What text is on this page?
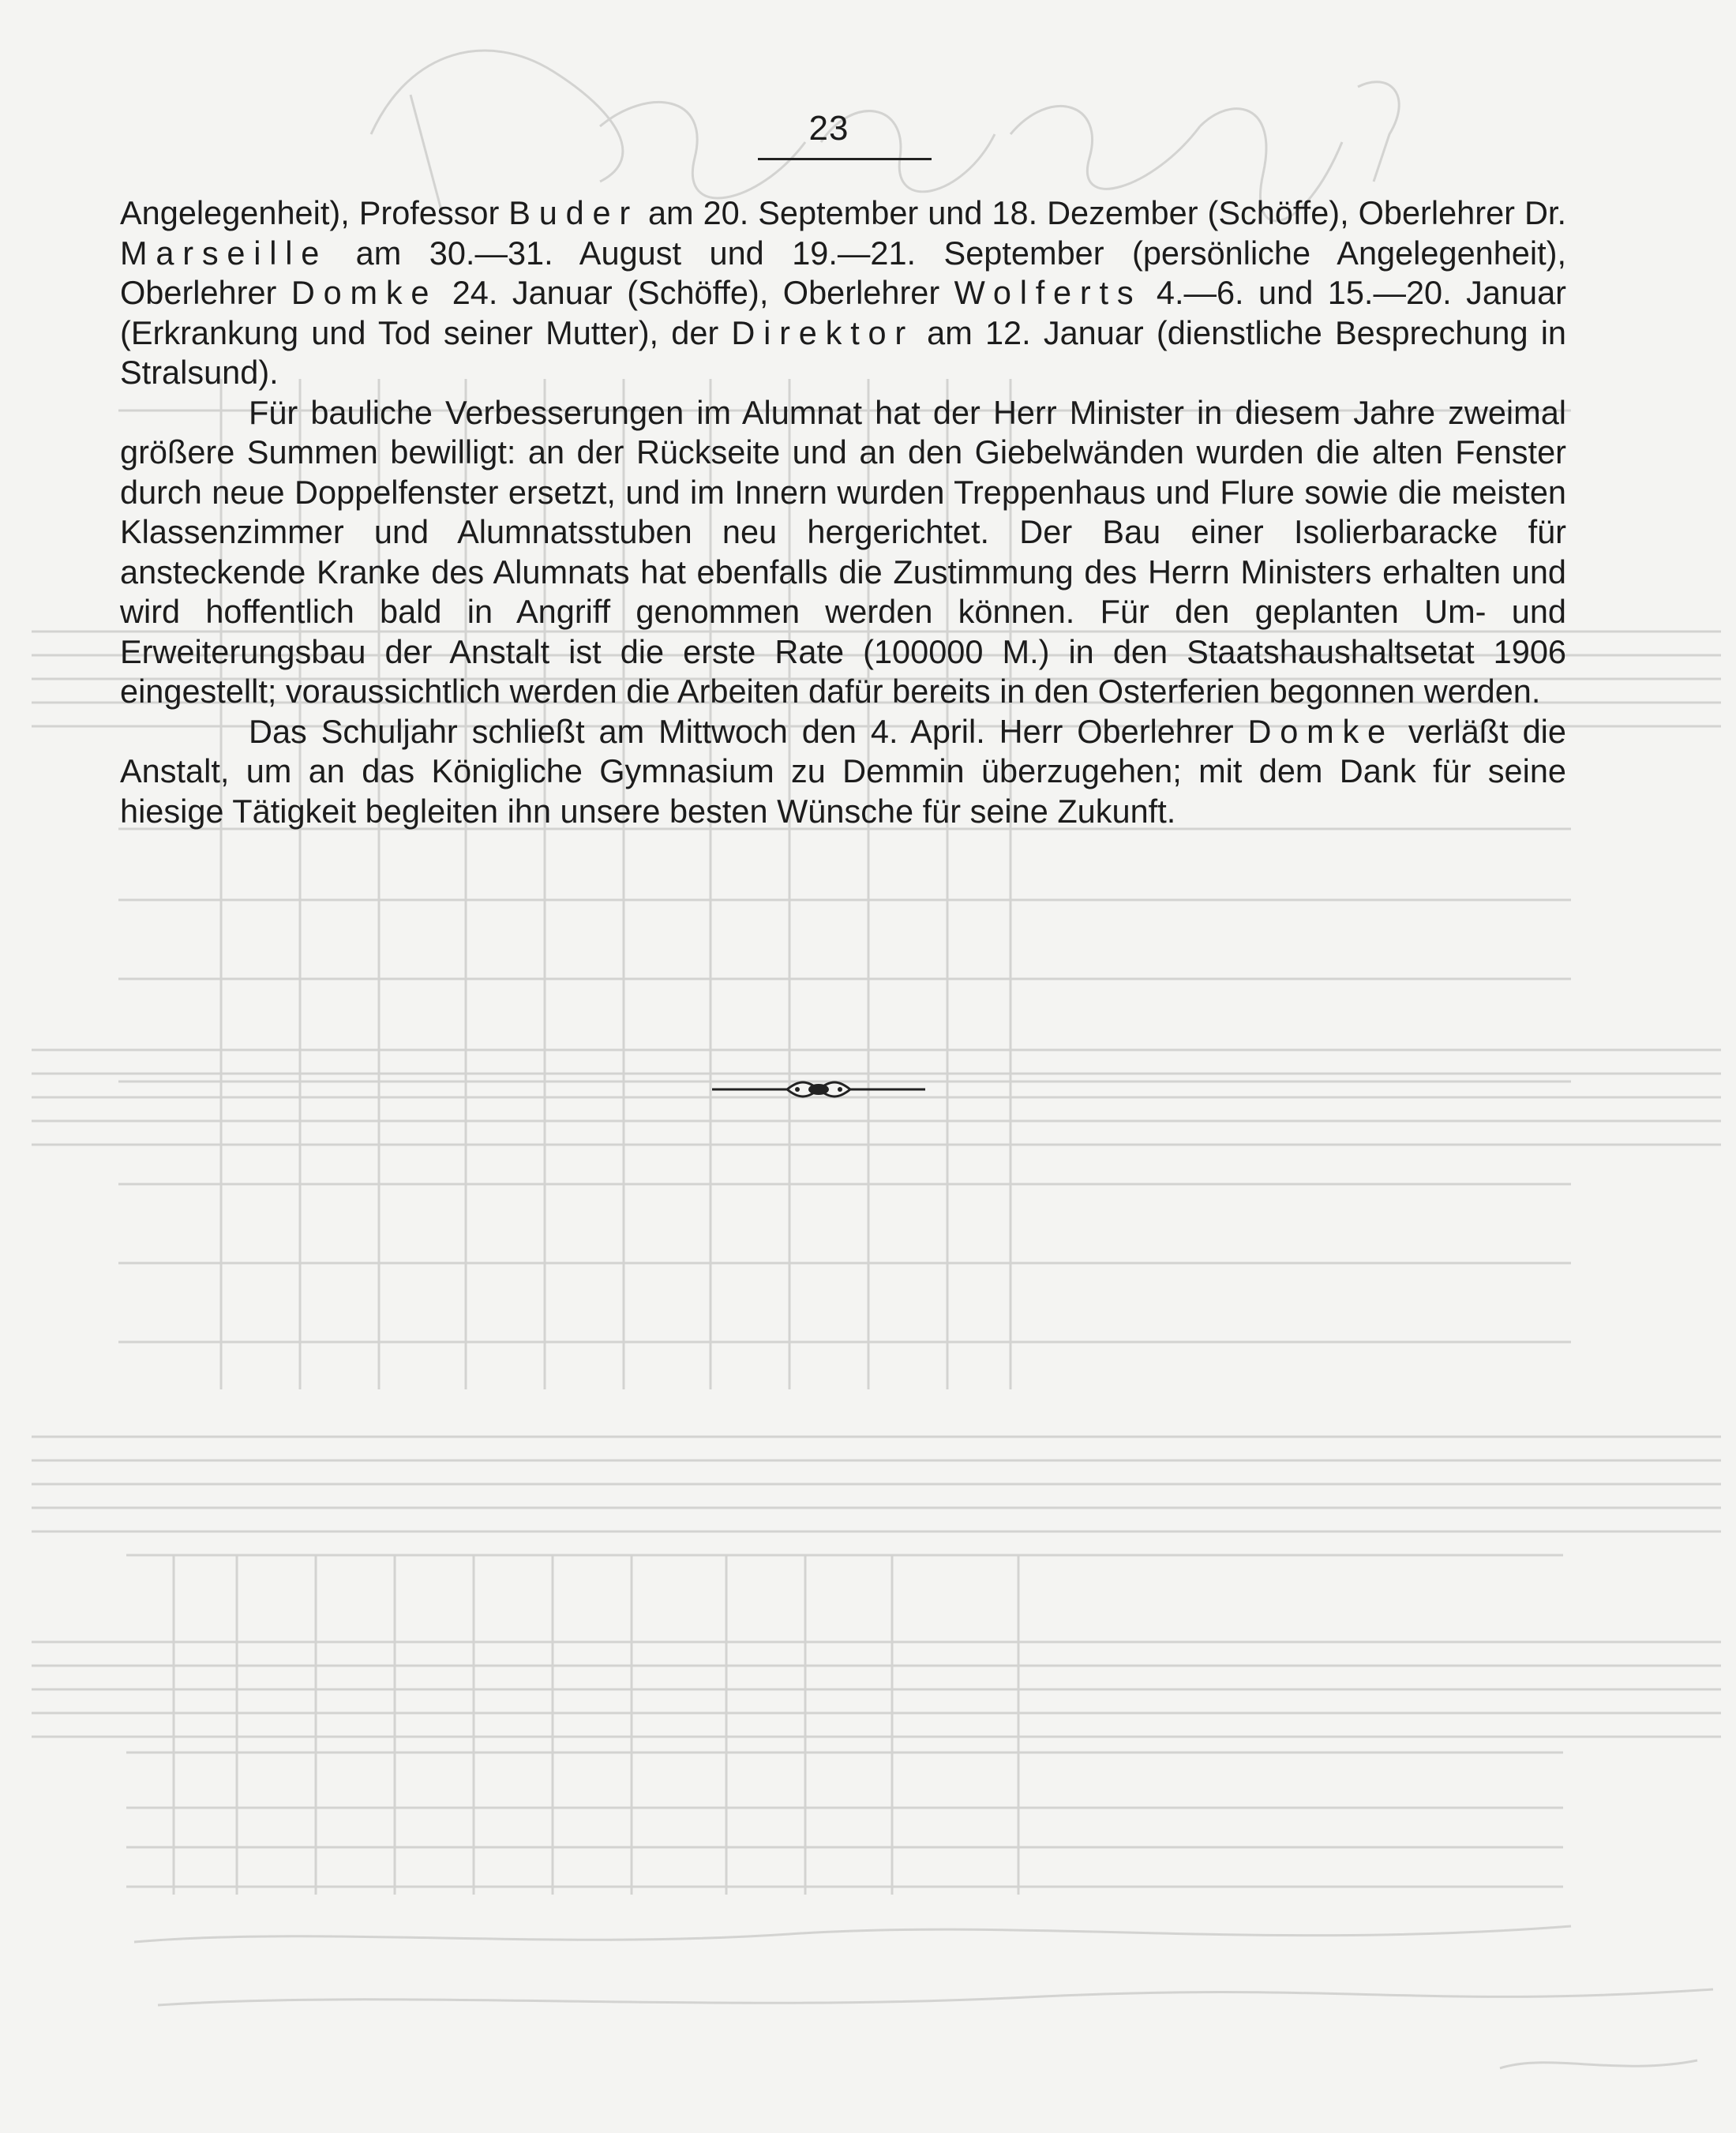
23

Angelegenheit), Professor Buder am 20. September und 18. Dezember (Schöffe), Oberlehrer Dr. Marseille am 30.—31. August und 19.—21. September (persönliche Angelegenheit), Oberlehrer Domke 24. Januar (Schöffe), Oberlehrer Wolferts 4.—6. und 15.—20. Januar (Erkrankung und Tod seiner Mutter), der Direktor am 12. Januar (dienstliche Besprechung in Stralsund).

Für bauliche Verbesserungen im Alumnat hat der Herr Minister in diesem Jahre zweimal größere Summen bewilligt: an der Rückseite und an den Giebelwänden wurden die alten Fenster durch neue Doppelfenster ersetzt, und im Innern wurden Treppenhaus und Flure sowie die meisten Klassenzimmer und Alumnatsstuben neu hergerichtet. Der Bau einer Isolierbaracke für ansteckende Kranke des Alumnats hat ebenfalls die Zustimmung des Herrn Ministers erhalten und wird hoffentlich bald in Angriff genommen werden können. Für den geplanten Um- und Erweiterungsbau der Anstalt ist die erste Rate (100000 M.) in den Staatshaushaltsetat 1906 eingestellt; voraussichtlich werden die Arbeiten dafür bereits in den Osterferien begonnen werden.

Das Schuljahr schließt am Mittwoch den 4. April. Herr Oberlehrer Domke verläßt die Anstalt, um an das Königliche Gymnasium zu Demmin überzugehen; mit dem Dank für seine hiesige Tätigkeit begleiten ihn unsere besten Wünsche für seine Zukunft.
